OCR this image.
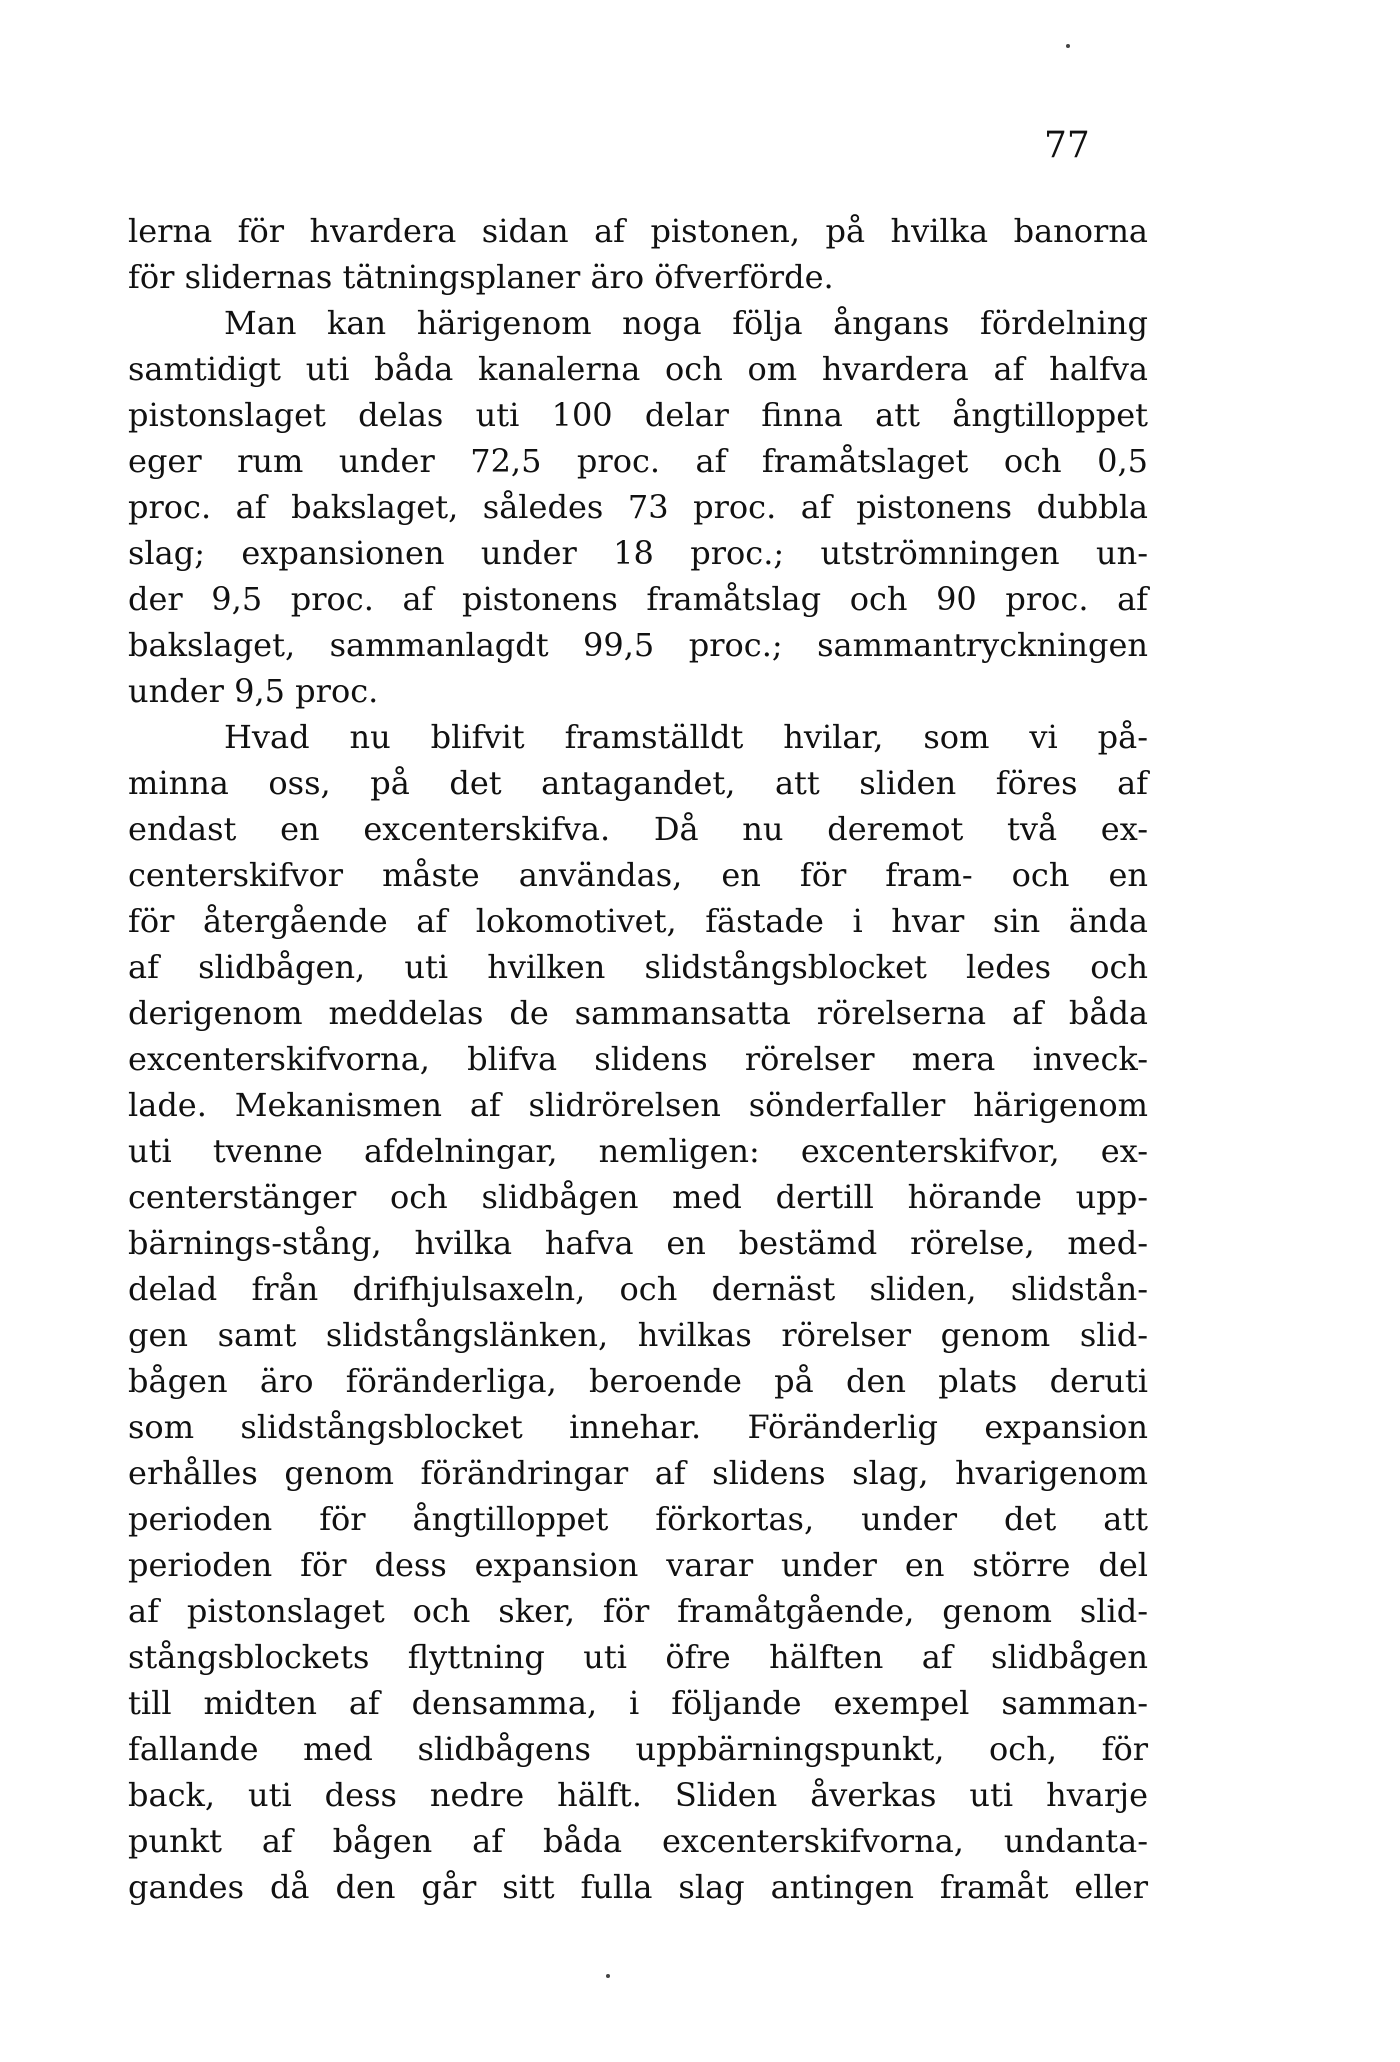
77
lerna för hvardera sidan af pistonen, på hvilka banorna
för slidernas tätningsplaner äro öfverförde.
Man kan härigenom noga följa ångans fördelning
samtidigt uti båda kanalerna och om hvardera af halfva
pistonslaget delas uti 100 delar finna att ångtilloppet
eger rum under 72,5 proc. af framåtslaget och 0,5
proc. af bakslaget, således 73 proc. af pistonens dubbla
slag; expansionen under 18 proc.; utströmningen un-
der 9,5 proc. af pistonens framåtslag och 90 proc. af
bakslaget, sammanlagdt 99,5 proc.; sammantryckningen
under 9,5 proc.
Hvad nu blifvit framställdt hvilar, som vi på-
minna oss, på det antagandet, att sliden föres af
endast en excenterskifva. Då nu deremot två ex-
centerskifvor måste användas, en för fram- och en
för återgående af lokomotivet, fästade i hvar sin ända
af slidbågen, uti hvilken slidstångsblocket ledes och
derigenom meddelas de sammansatta rörelserna af båda
excenterskifvorna, blifva slidens rörelser mera inveck-
lade. Mekanismen af slidrörelsen sönderfaller härigenom
uti tvenne afdelningar, nemligen: excenterskifvor, ex-
centerstänger och slidbågen med dertill hörande upp-
bärnings-stång, hvilka hafva en bestämd rörelse, med-
delad från drifhjulsaxeln, och dernäst sliden, slidstån-
gen samt slidstångslänken, hvilkas rörelser genom slid-
bågen äro föränderliga, beroende på den plats deruti
som slidstångsblocket innehar. Föränderlig expansion
erhålles genom förändringar af slidens slag, hvarigenom
perioden för ångtilloppet förkortas, under det att
perioden för dess expansion varar under en större del
af pistonslaget och sker, för framåtgående, genom slid-
stångsblockets flyttning uti öfre hälften af slidbågen
till midten af densamma, i följande exempel samman-
fallande med slidbågens uppbärningspunkt, och, för
back, uti dess nedre hälft. Sliden åverkas uti hvarje
punkt af bågen af båda excenterskifvorna, undanta-
gandes då den går sitt fulla slag antingen framåt eller
